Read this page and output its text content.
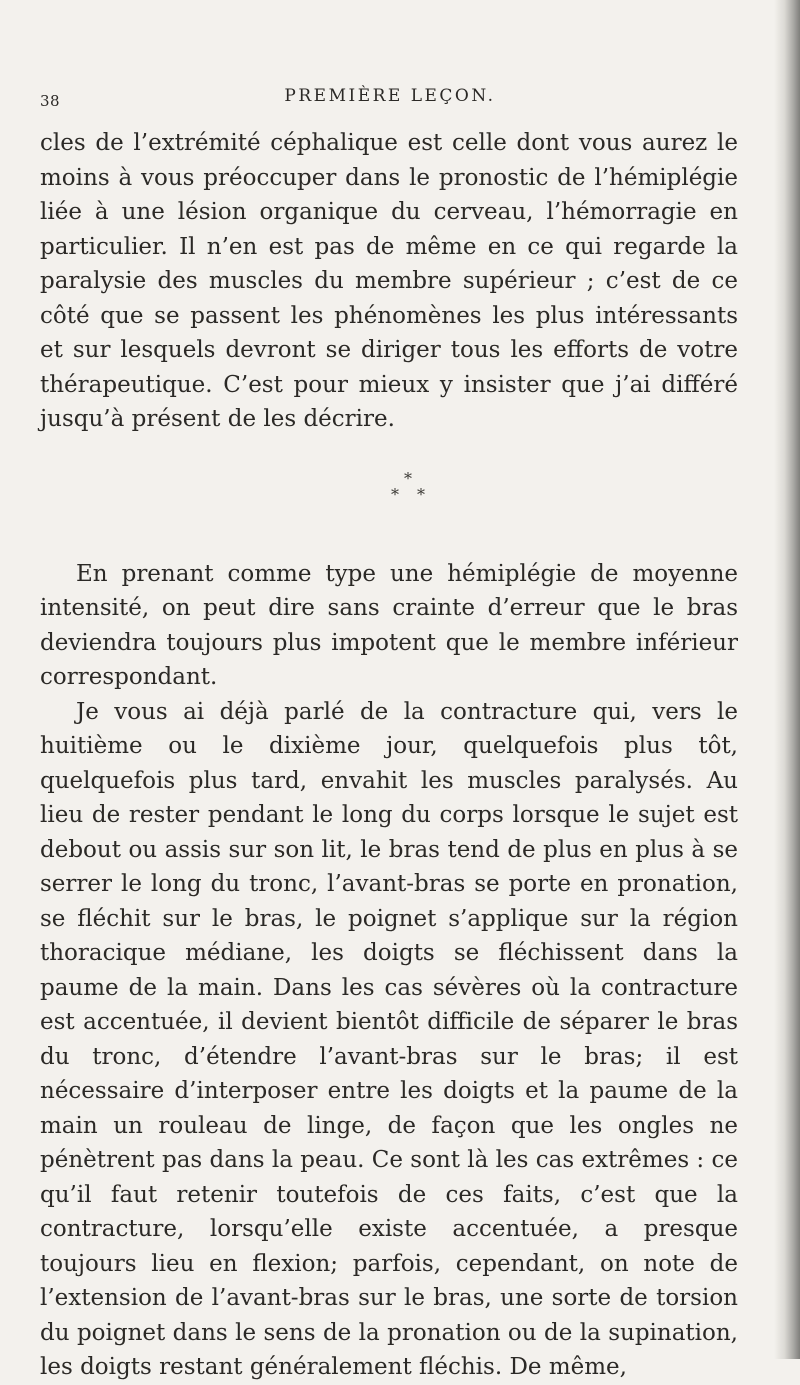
38	PREMIÈRE LEÇON.

cles de l’extrémité céphalique est celle dont vous aurez le moins à vous préoccuper dans le pronostic de l’hémiplégie liée à une lésion organique du cerveau, l’hémorragie en particulier. Il n’en est pas de même en ce qui regarde la paralysie des muscles du membre supérieur ; c’est de ce côté que se passent les phénomènes les plus intéressants et sur lesquels devront se diriger tous les efforts de votre thérapeutique. C’est pour mieux y insister que j’ai différé jusqu’à présent de les décrire.

*
* *

En prenant comme type une hémiplégie de moyenne intensité, on peut dire sans crainte d’erreur que le bras deviendra toujours plus impotent que le membre inférieur correspondant.

Je vous ai déjà parlé de la contracture qui, vers le huitième ou le dixième jour, quelquefois plus tôt, quelquefois plus tard, envahit les muscles paralysés. Au lieu de rester pendant le long du corps lorsque le sujet est debout ou assis sur son lit, le bras tend de plus en plus à se serrer le long du tronc, l’avant-bras se porte en pronation, se fléchit sur le bras, le poignet s’applique sur la région thoracique médiane, les doigts se fléchissent dans la paume de la main. Dans les cas sévères où la contracture est accentuée, il devient bientôt difficile de séparer le bras du tronc, d’étendre l’avant-bras sur le bras; il est nécessaire d’interposer entre les doigts et la paume de la main un rouleau de linge, de façon que les ongles ne pénètrent pas dans la peau. Ce sont là les cas extrêmes : ce qu’il faut retenir toutefois de ces faits, c’est que la contracture, lorsqu’elle existe accentuée, a presque toujours lieu en flexion; parfois, cependant, on note de l’extension de l’avant-bras sur le bras, une sorte de torsion du poignet dans le sens de la pronation ou de la supination, les doigts restant généralement fléchis. De même,
